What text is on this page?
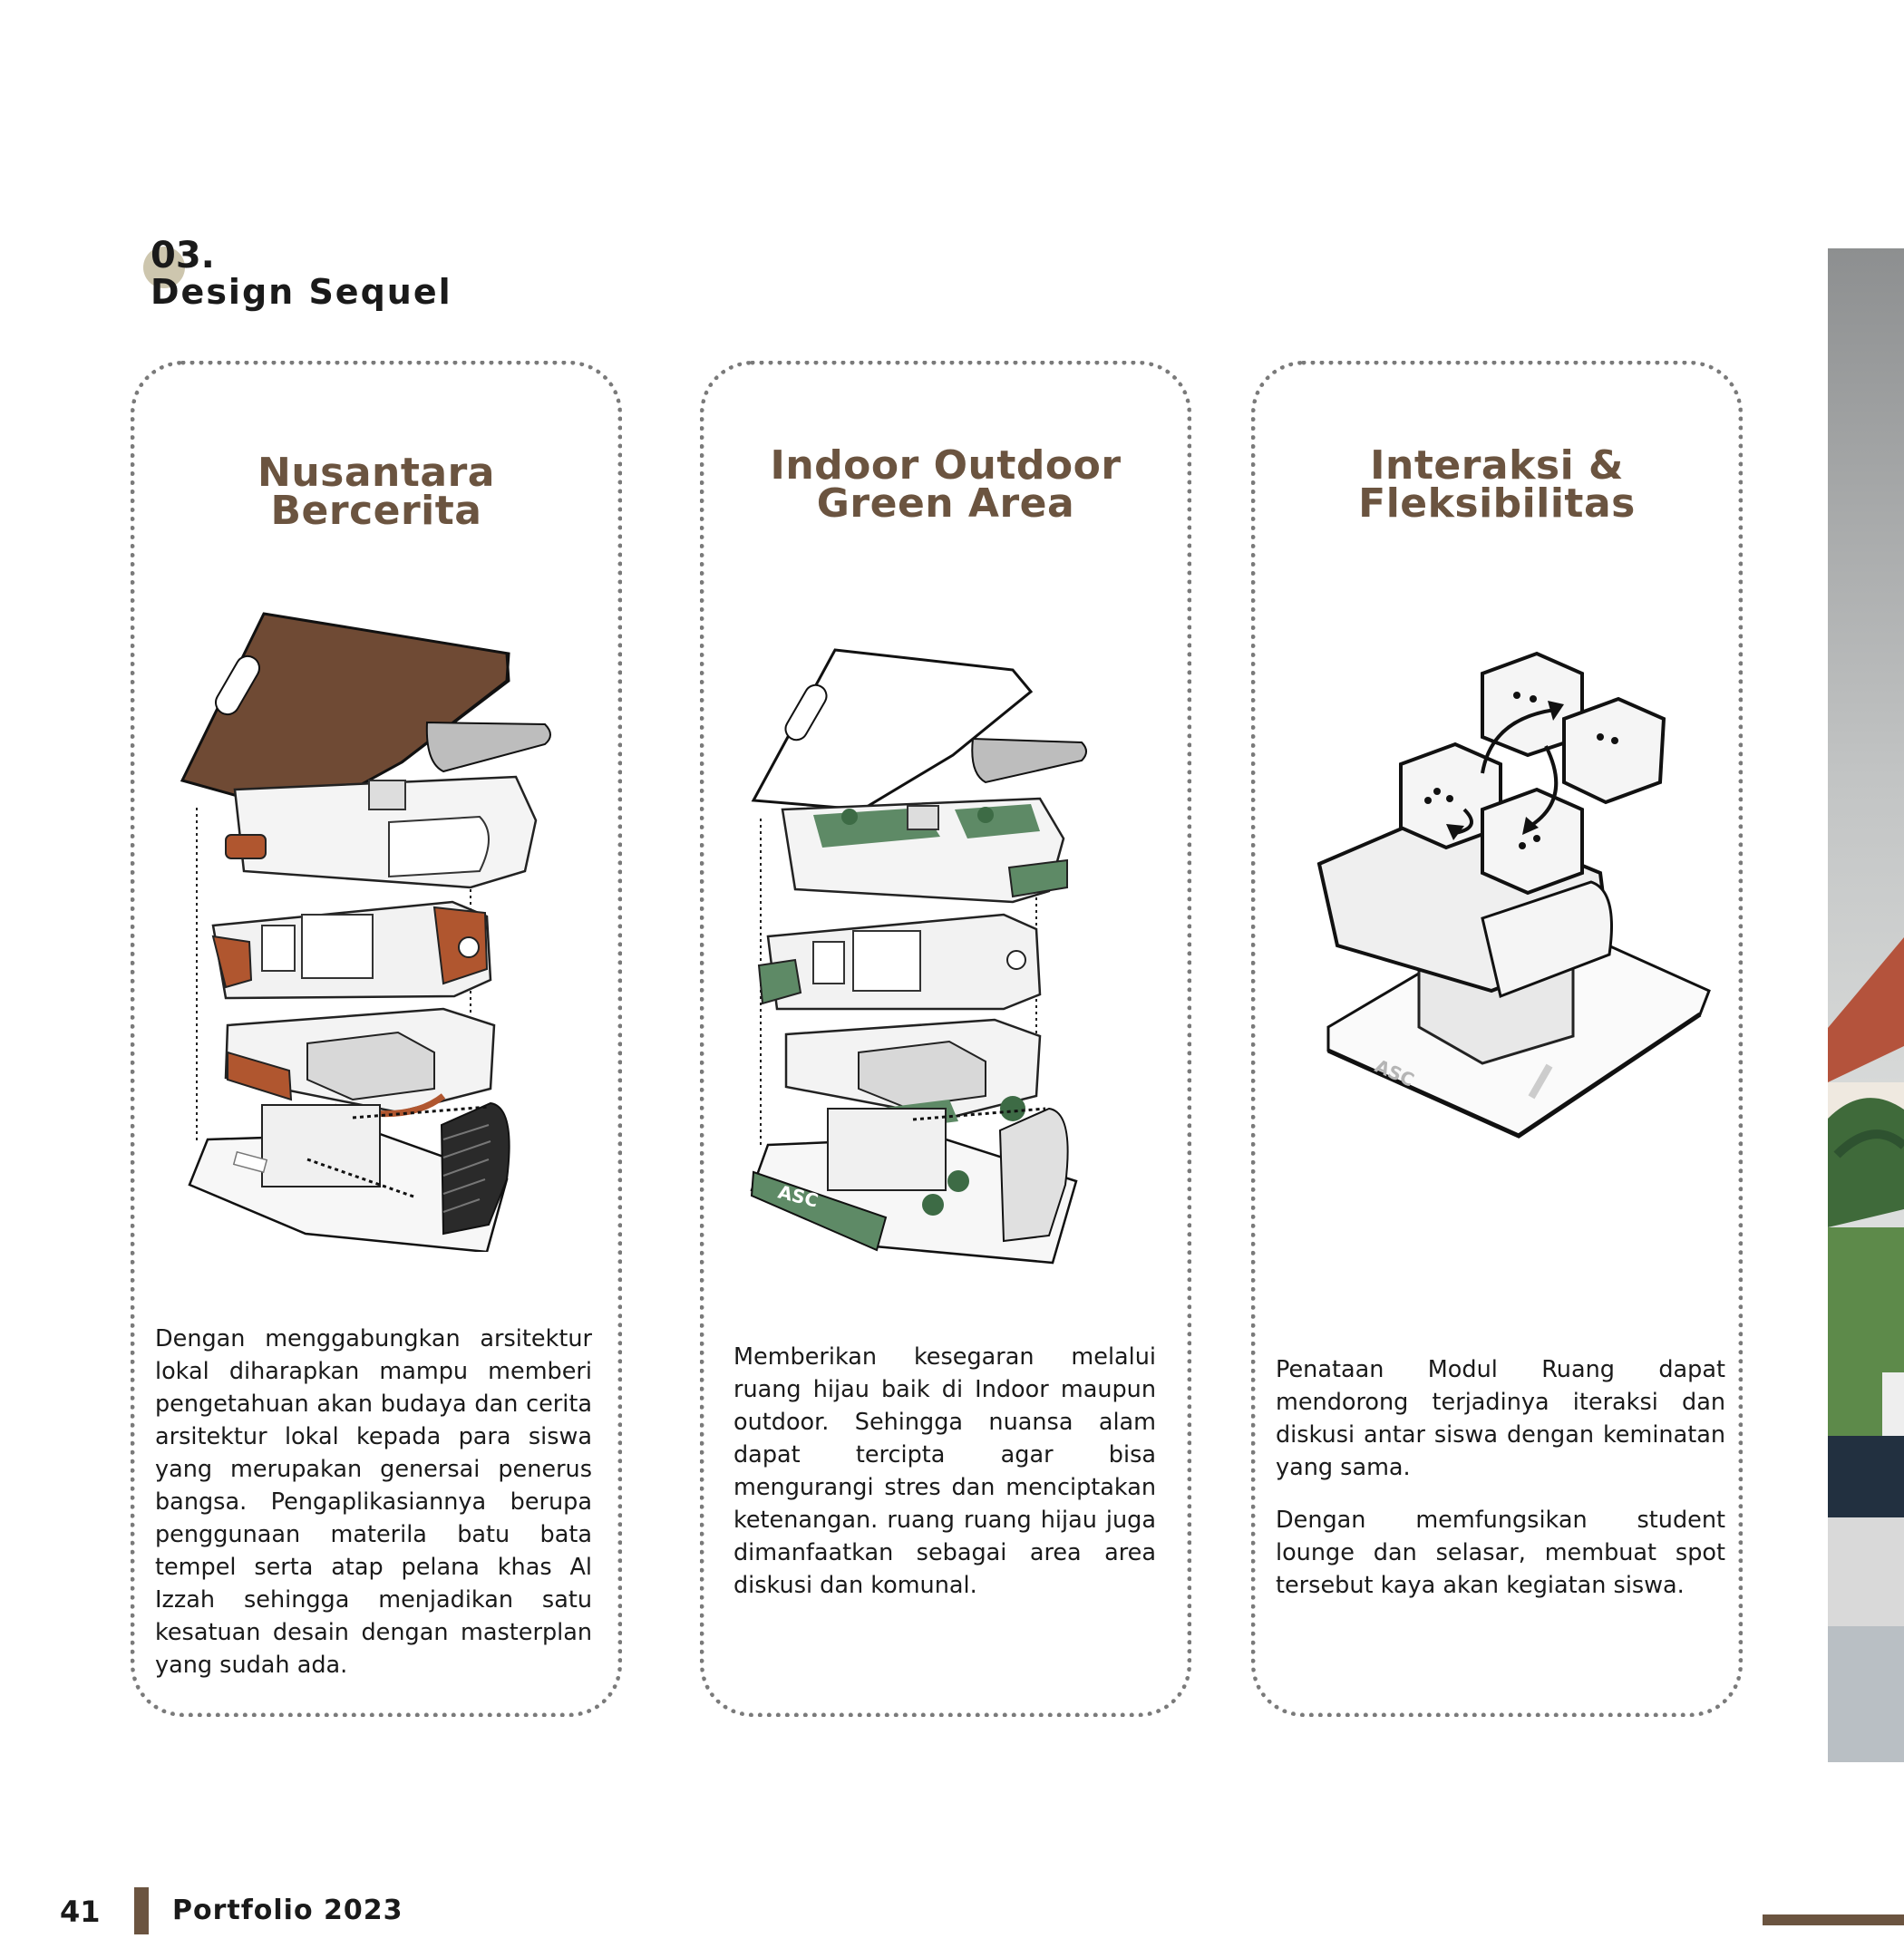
03.
Design Sequel
Nusantara
Bercerita

Dengan menggabungkan arsitektur lokal diharapkan mampu memberi pengetahuan akan budaya dan cerita arsitektur lokal kepada para siswa yang merupakan genersai penerus bangsa. Pengaplikasiannya berupa penggunaan materila batu bata tempel serta atap pelana khas Al Izzah sehingga menjadikan satu kesatuan desain dengan masterplan yang sudah ada.

Indoor Outdoor
Green Area
ASC

Memberikan kesegaran melalui ruang hijau baik di Indoor maupun outdoor. Sehingga nuansa alam dapat tercipta agar bisa mengurangi stres dan menciptakan ketenangan. ruang ruang hijau juga dimanfaatkan sebagai area area diskusi dan komunal.

Interaksi &
Fleksibilitas
ASC

Penataan Modul Ruang dapat mendorong terjadinya iteraksi dan diskusi antar siswa dengan keminatan yang sama.

Dengan memfungsikan student lounge dan selasar, membuat spot tersebut kaya akan kegiatan siswa.

41	Portfolio 2023
